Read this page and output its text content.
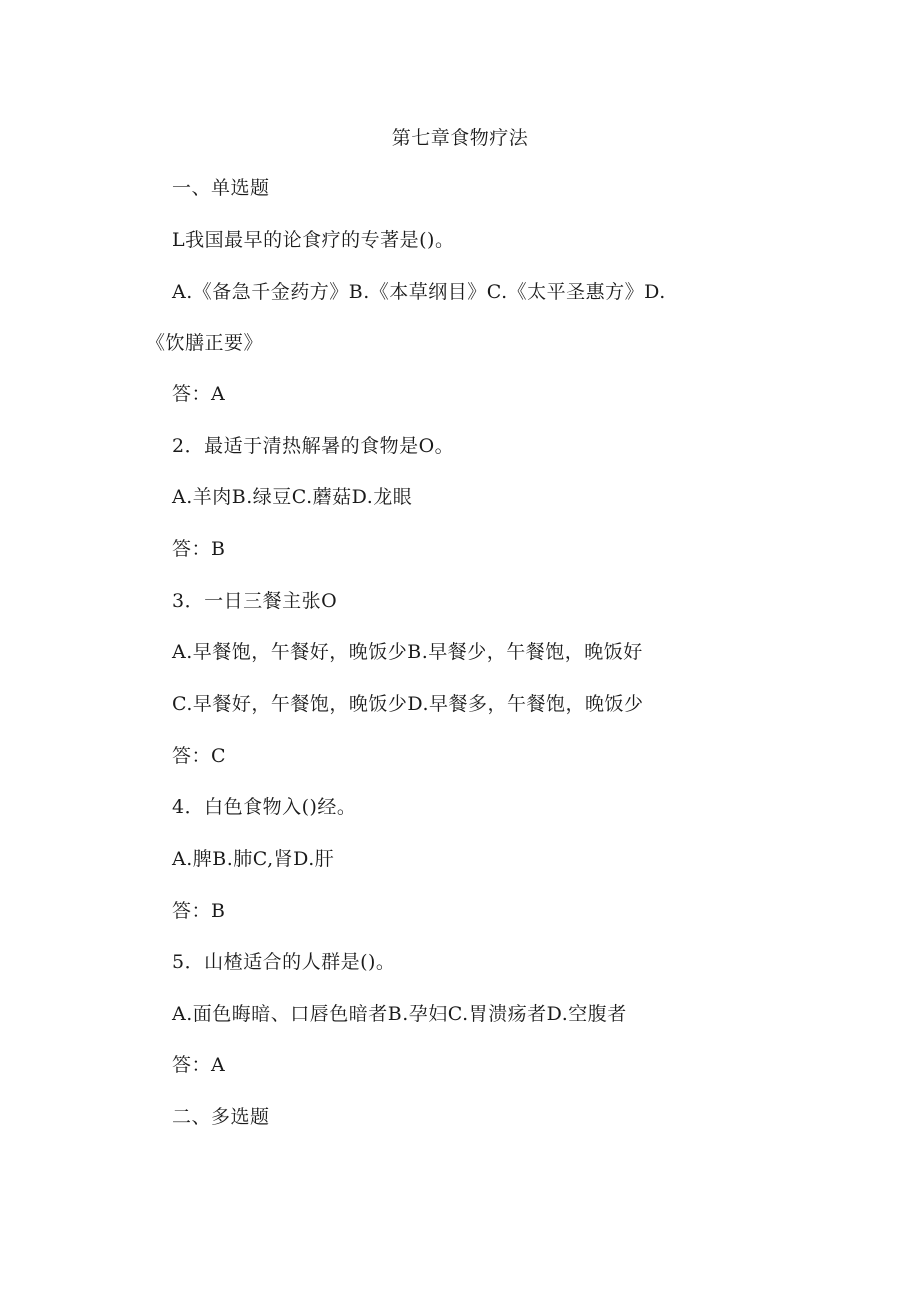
第七章食物疗法
一、单选题
L我国最早的论食疗的专著是()。
A.《备急千金药方》B.《本草纲目》C.《太平圣惠方》D.
《饮膳正要》
答：A
2．最适于清热解暑的食物是O。
A.羊肉B.绿豆C.蘑菇D.龙眼
答：B
3．一日三餐主张O
A.早餐饱，午餐好，晚饭少B.早餐少，午餐饱，晚饭好
C.早餐好，午餐饱，晚饭少D.早餐多，午餐饱，晚饭少
答：C
4．白色食物入()经。
A.脾B.肺C,肾D.肝
答：B
5．山楂适合的人群是()。
A.面色晦暗、口唇色暗者B.孕妇C.胃溃疡者D.空腹者
答：A
二、多选题
